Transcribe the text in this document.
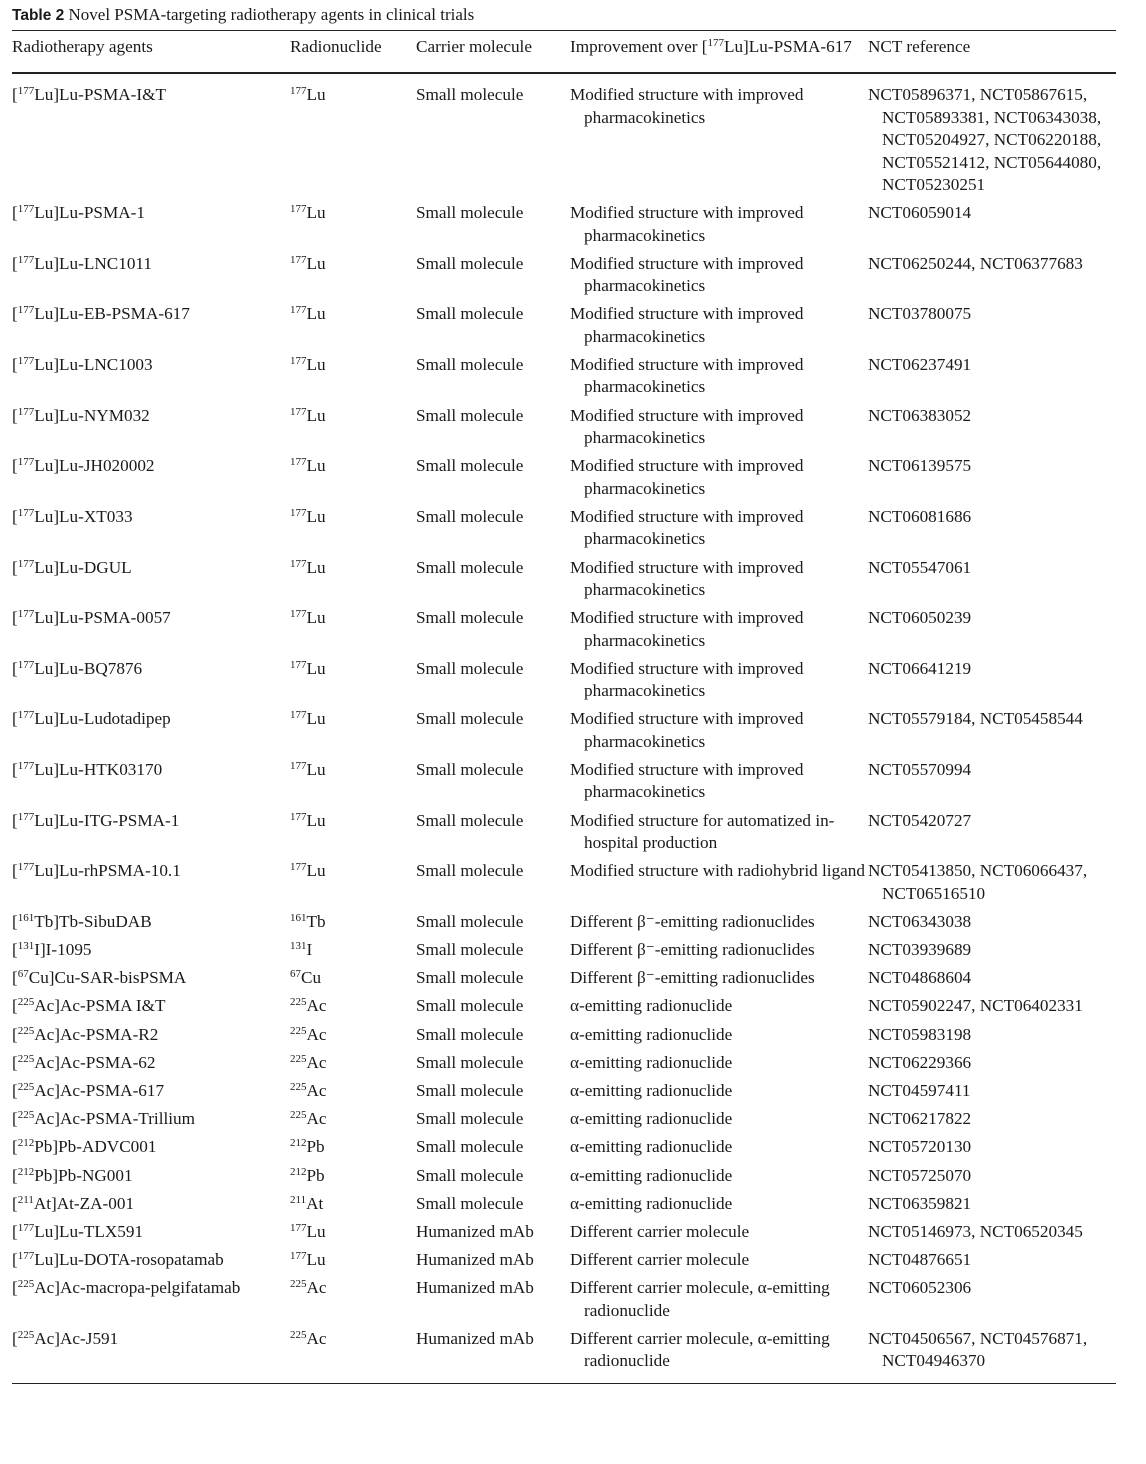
Table 2 Novel PSMA-targeting radiotherapy agents in clinical trials
Radiotherapy agents	Radionuclide	Carrier molecule	Improvement over [$^{177}$Lu]Lu-PSMA-617	NCT reference
[$^{177}$Lu]Lu-PSMA-I&T	$^{177}$Lu	Small molecule	Modified structure with improved pharmacokinetics	NCT05896371, NCT05867615, NCT05893381, NCT06343038, NCT05204927, NCT06220188, NCT05521412, NCT05644080, NCT05230251
[$^{177}$Lu]Lu-PSMA-1	$^{177}$Lu	Small molecule	Modified structure with improved pharmacokinetics	NCT06059014
[$^{177}$Lu]Lu-LNC1011	$^{177}$Lu	Small molecule	Modified structure with improved pharmacokinetics	NCT06250244, NCT06377683
[$^{177}$Lu]Lu-EB-PSMA-617	$^{177}$Lu	Small molecule	Modified structure with improved pharmacokinetics	NCT03780075
[$^{177}$Lu]Lu-LNC1003	$^{177}$Lu	Small molecule	Modified structure with improved pharmacokinetics	NCT06237491
[$^{177}$Lu]Lu-NYM032	$^{177}$Lu	Small molecule	Modified structure with improved pharmacokinetics	NCT06383052
[$^{177}$Lu]Lu-JH020002	$^{177}$Lu	Small molecule	Modified structure with improved pharmacokinetics	NCT06139575
[$^{177}$Lu]Lu-XT033	$^{177}$Lu	Small molecule	Modified structure with improved pharmacokinetics	NCT06081686
[$^{177}$Lu]Lu-DGUL	$^{177}$Lu	Small molecule	Modified structure with improved pharmacokinetics	NCT05547061
[$^{177}$Lu]Lu-PSMA-0057	$^{177}$Lu	Small molecule	Modified structure with improved pharmacokinetics	NCT06050239
[$^{177}$Lu]Lu-BQ7876	$^{177}$Lu	Small molecule	Modified structure with improved pharmacokinetics	NCT06641219
[$^{177}$Lu]Lu-Ludotadipep	$^{177}$Lu	Small molecule	Modified structure with improved pharmacokinetics	NCT05579184, NCT05458544
[$^{177}$Lu]Lu-HTK03170	$^{177}$Lu	Small molecule	Modified structure with improved pharmacokinetics	NCT05570994
[$^{177}$Lu]Lu-ITG-PSMA-1	$^{177}$Lu	Small molecule	Modified structure for automatized in-hospital production	NCT05420727
[$^{177}$Lu]Lu-rhPSMA-10.1	$^{177}$Lu	Small molecule	Modified structure with radiohybrid ligand	NCT05413850, NCT06066437, NCT06516510
[$^{161}$Tb]Tb-SibuDAB	$^{161}$Tb	Small molecule	Different β⁻-emitting radionuclides	NCT06343038
[$^{131}$I]I-1095	$^{131}$I	Small molecule	Different β⁻-emitting radionuclides	NCT03939689
[$^{67}$Cu]Cu-SAR-bisPSMA	$^{67}$Cu	Small molecule	Different β⁻-emitting radionuclides	NCT04868604
[$^{225}$Ac]Ac-PSMA I&T	$^{225}$Ac	Small molecule	α-emitting radionuclide	NCT05902247, NCT06402331
[$^{225}$Ac]Ac-PSMA-R2	$^{225}$Ac	Small molecule	α-emitting radionuclide	NCT05983198
[$^{225}$Ac]Ac-PSMA-62	$^{225}$Ac	Small molecule	α-emitting radionuclide	NCT06229366
[$^{225}$Ac]Ac-PSMA-617	$^{225}$Ac	Small molecule	α-emitting radionuclide	NCT04597411
[$^{225}$Ac]Ac-PSMA-Trillium	$^{225}$Ac	Small molecule	α-emitting radionuclide	NCT06217822
[$^{212}$Pb]Pb-ADVC001	$^{212}$Pb	Small molecule	α-emitting radionuclide	NCT05720130
[$^{212}$Pb]Pb-NG001	$^{212}$Pb	Small molecule	α-emitting radionuclide	NCT05725070
[$^{211}$At]At-ZA-001	$^{211}$At	Small molecule	α-emitting radionuclide	NCT06359821
[$^{177}$Lu]Lu-TLX591	$^{177}$Lu	Humanized mAb	Different carrier molecule	NCT05146973, NCT06520345
[$^{177}$Lu]Lu-DOTA-rosopatamab	$^{177}$Lu	Humanized mAb	Different carrier molecule	NCT04876651
[$^{225}$Ac]Ac-macropa-pelgifatamab	$^{225}$Ac	Humanized mAb	Different carrier molecule, α-emitting radionuclide	NCT06052306
[$^{225}$Ac]Ac-J591	$^{225}$Ac	Humanized mAb	Different carrier molecule, α-emitting radionuclide	NCT04506567, NCT04576871, NCT04946370
